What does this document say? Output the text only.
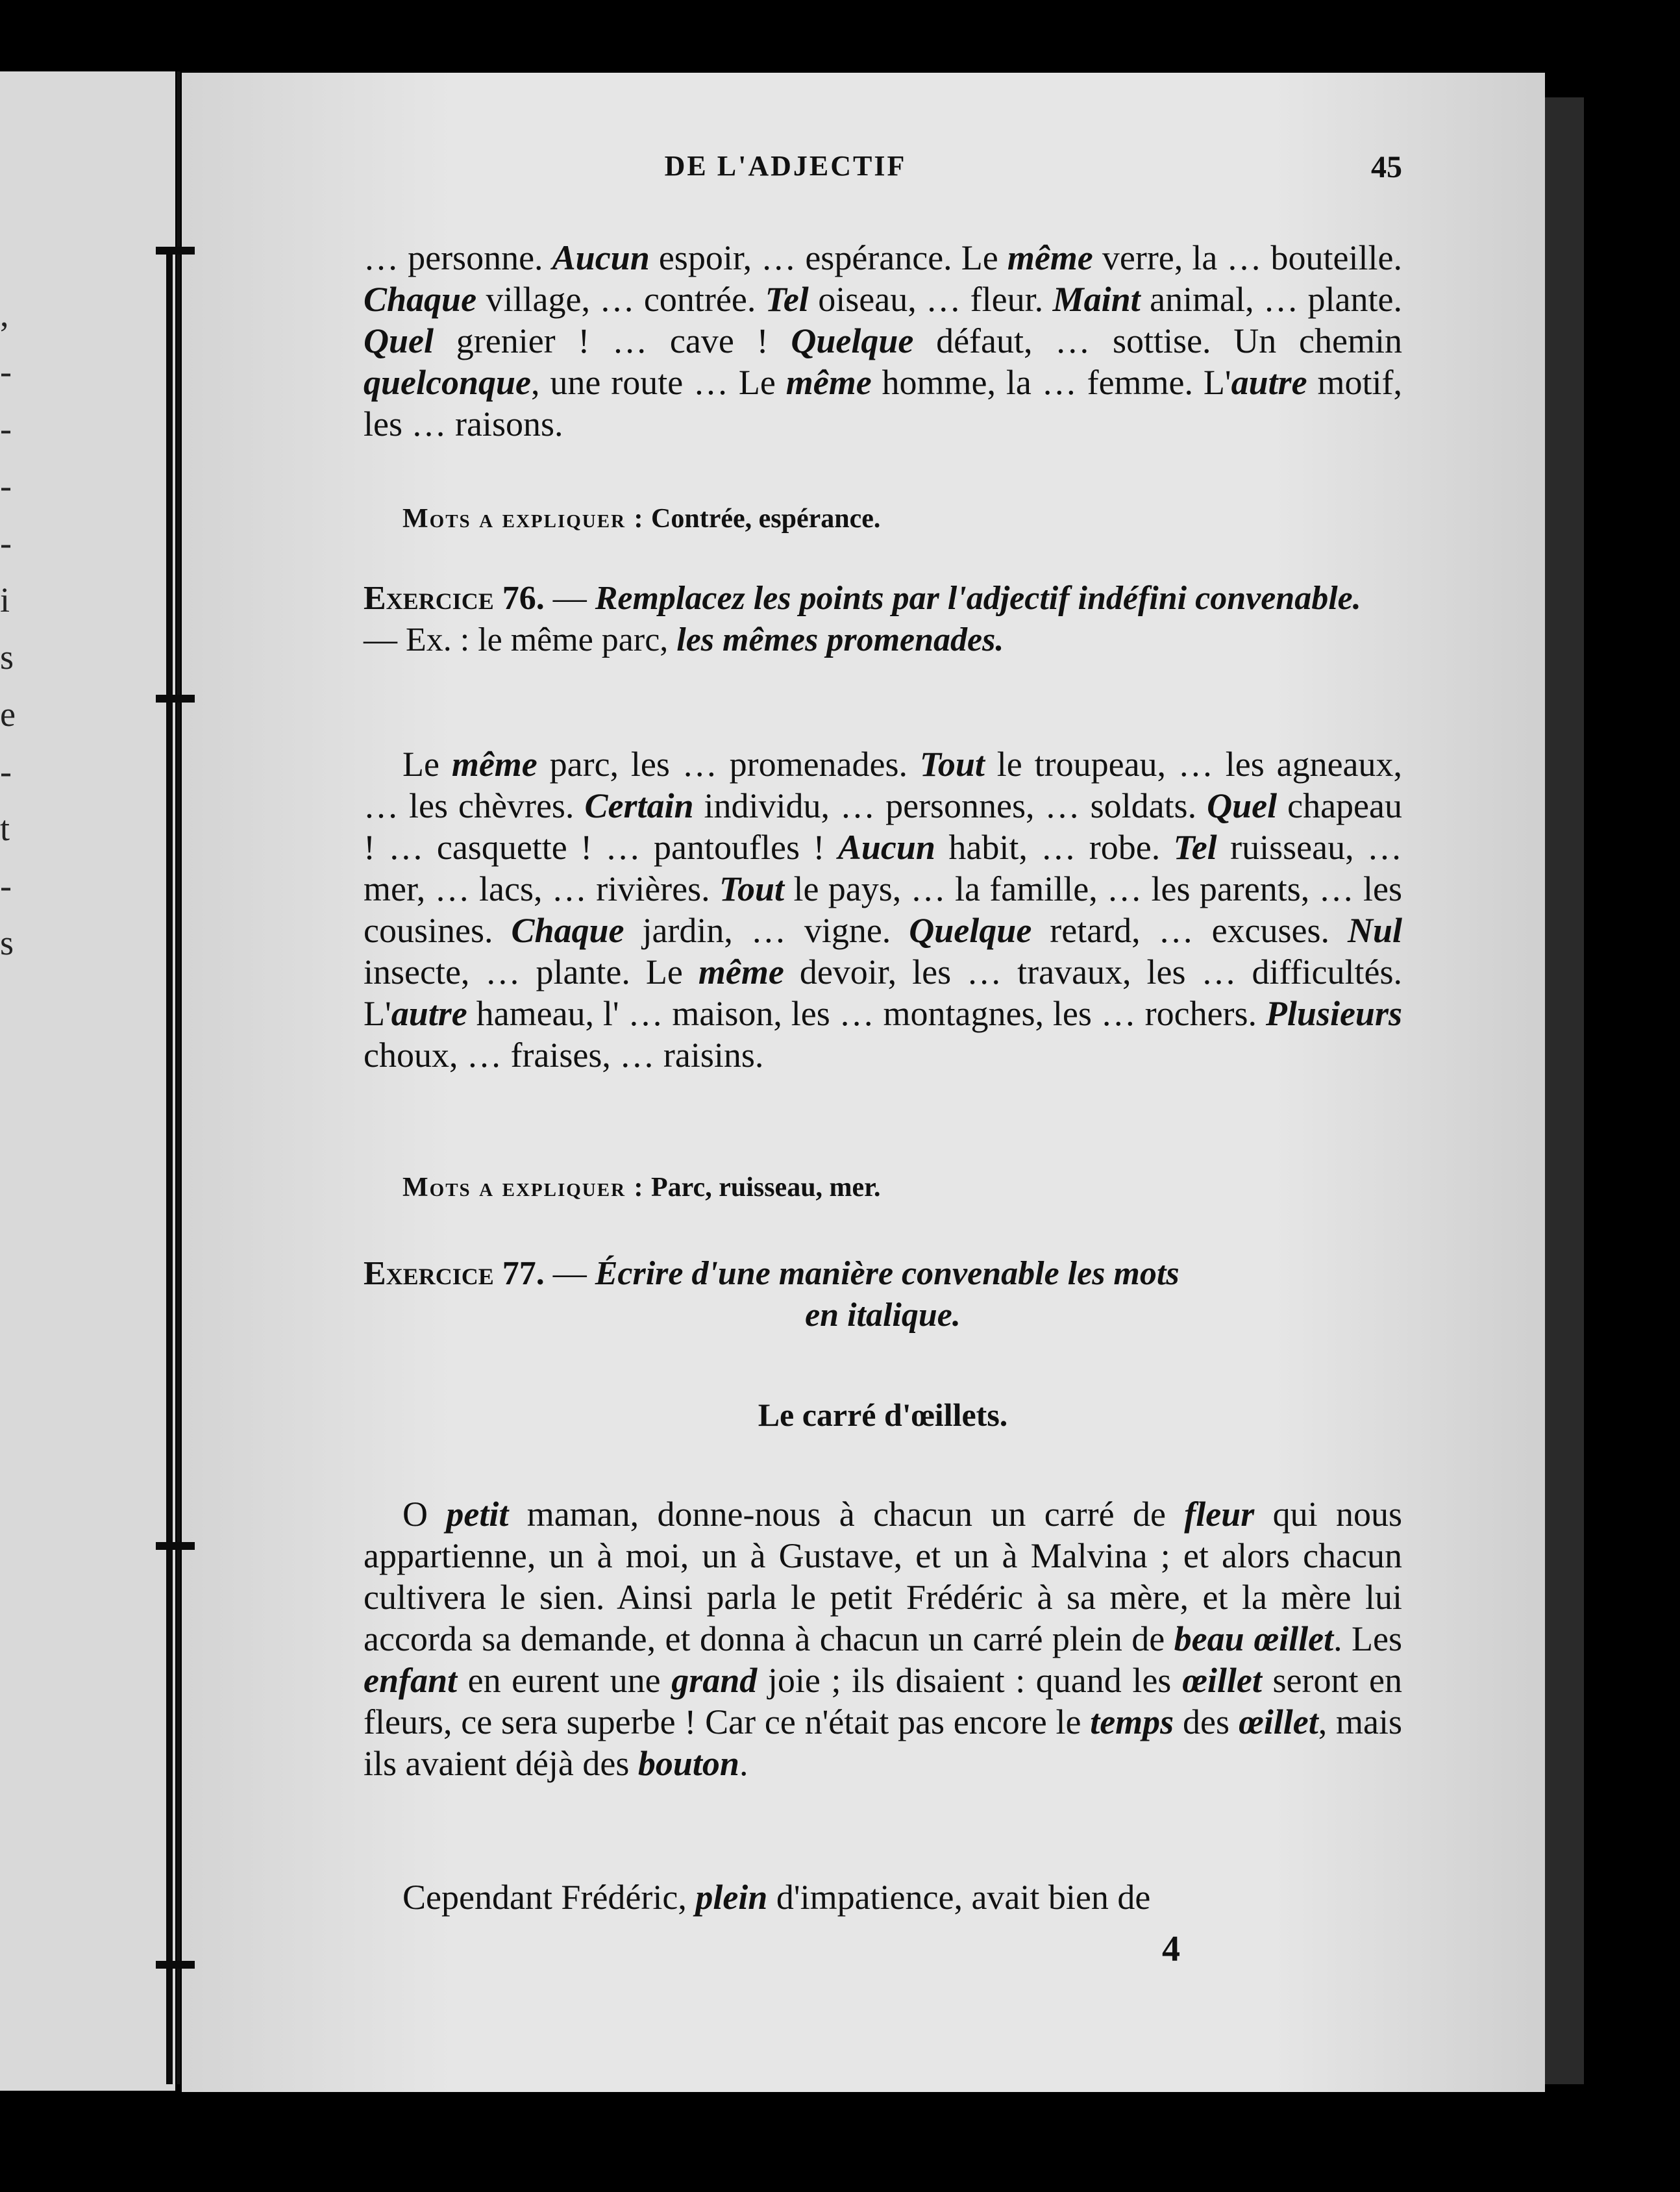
,
-
-
-
-
i
s
e
-
t
-
s
DE L'ADJECTIF	45
… personne. Aucun espoir, … espérance. Le même verre, la … bouteille. Chaque village, … contrée. Tel oiseau, … fleur. Maint animal, … plante. Quel grenier ! … cave ! Quelque défaut, … sottise. Un chemin quelconque, une route … Le même homme, la … femme. L'autre motif, les … raisons.
Mots a expliquer : Contrée, espérance.
Exercice 76. — Remplacez les points par l'adjectif indéfini convenable. — Ex. : le même parc, les mêmes promenades.
Le même parc, les … promenades. Tout le troupeau, … les agneaux, … les chèvres. Certain individu, … personnes, … soldats. Quel chapeau ! … casquette ! … pantoufles ! Aucun habit, … robe. Tel ruisseau, … mer, … lacs, … rivières. Tout le pays, … la famille, … les parents, … les cousines. Chaque jardin, … vigne. Quelque retard, … excuses. Nul insecte, … plante. Le même devoir, les … travaux, les … difficultés. L'autre hameau, l' … maison, les … montagnes, les … rochers. Plusieurs choux, … fraises, … raisins.
Mots a expliquer : Parc, ruisseau, mer.
Exercice 77. — Écrire d'une manière convenable les mots
en italique.
Le carré d'œillets.
O petit maman, donne-nous à chacun un carré de fleur qui nous appartienne, un à moi, un à Gustave, et un à Malvina ; et alors chacun cultivera le sien. Ainsi parla le petit Frédéric à sa mère, et la mère lui accorda sa demande, et donna à chacun un carré plein de beau œillet. Les enfant en eurent une grand joie ; ils disaient : quand les œillet seront en fleurs, ce sera superbe ! Car ce n'était pas encore le temps des œillet, mais ils avaient déjà des bouton.
Cependant Frédéric, plein d'impatience, avait bien de
4
